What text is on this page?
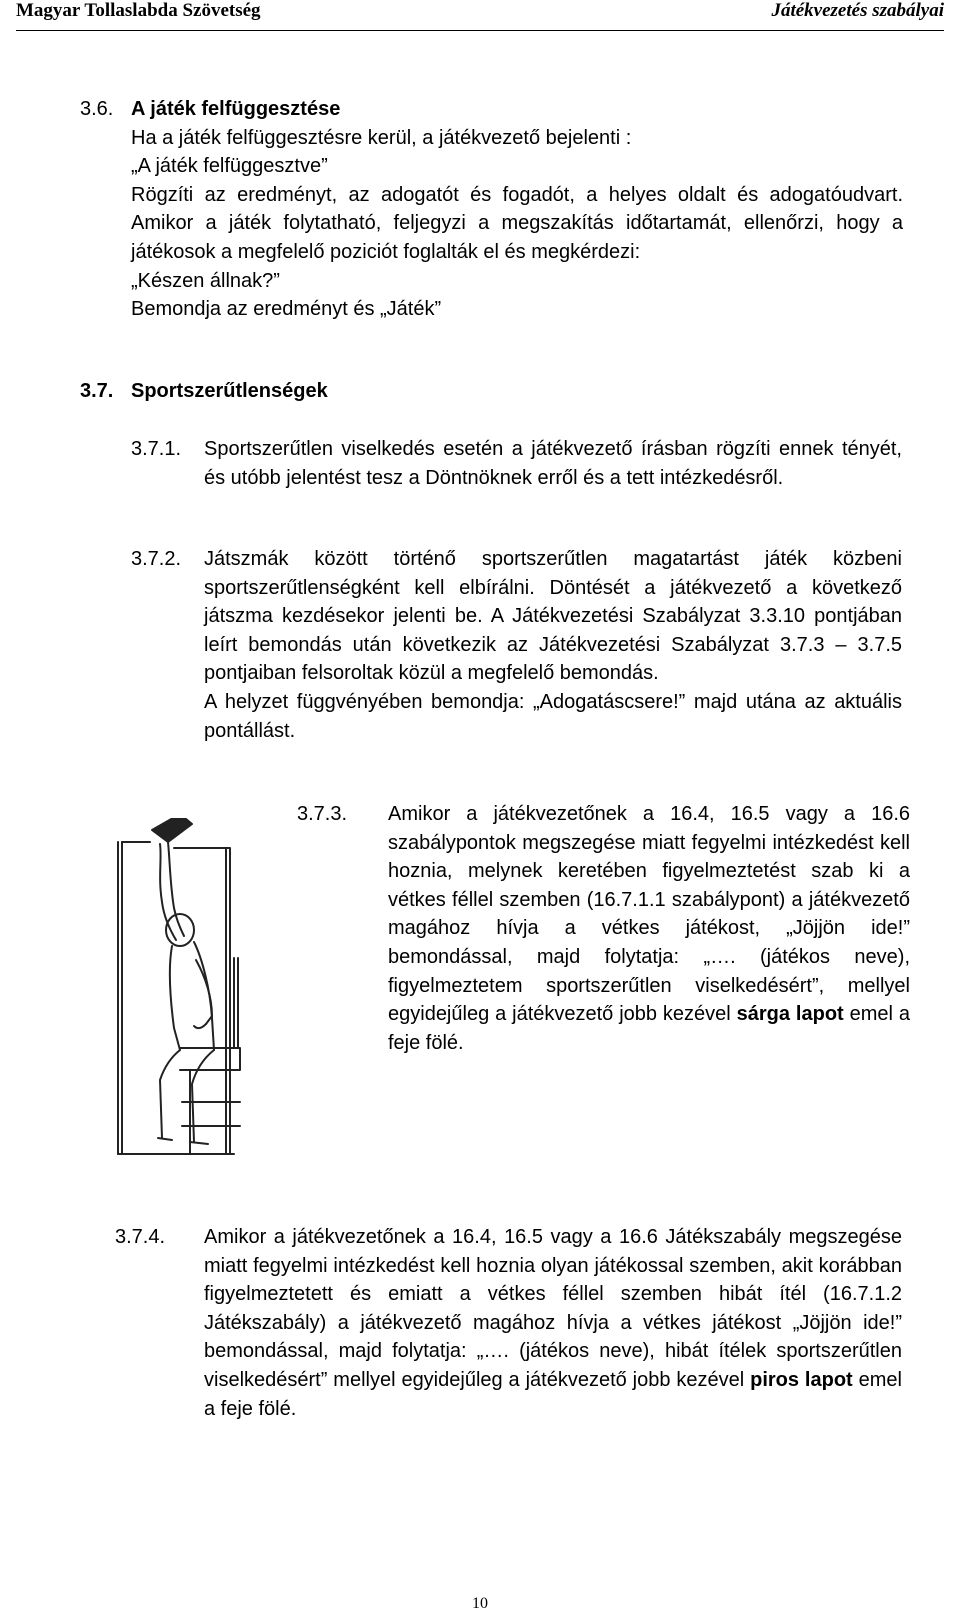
Magyar Tollaslabda Szövetség	Játékvezetés szabályai
3.6. A játék felfüggesztése
Ha a játék felfüggesztésre kerül, a játékvezető bejelenti :
„A játék felfüggesztve”
Rögzíti az eredményt, az adogatót és fogadót, a helyes oldalt és adogatóudvart. Amikor a játék folytatható, feljegyzi a megszakítás időtartamát, ellenőrzi, hogy a játékosok a megfelelő poziciót foglalták el és megkérdezi:
„Készen állnak?”
Bemondja az eredményt és „Játék”
3.7. Sportszerűtlenségek
3.7.1. Sportszerűtlen viselkedés esetén a játékvezető írásban rögzíti ennek tényét, és utóbb jelentést tesz a Döntnöknek erről és a tett intézkedésről.
3.7.2. Játszmák között történő sportszerűtlen magatartást játék közbeni sportszerűtlenségként kell elbírálni. Döntését a játékvezető a következő játszma kezdésekor jelenti be. A Játékvezetési Szabályzat 3.3.10 pontjában leírt bemondás után következik az Játékvezetési Szabályzat 3.7.3 – 3.7.5 pontjaiban felsoroltak közül a megfelelő bemondás.
A helyzet függvényében bemondja: „Adogatáscsere!” majd utána az aktuális pontállást.
3.7.3. Amikor a játékvezetőnek a 16.4, 16.5 vagy a 16.6 szabálypontok megszegése miatt fegyelmi intézkedést kell hoznia, melynek keretében figyelmeztetést szab ki a vétkes féllel szemben (16.7.1.1 szabálypont) a játékvezető magához hívja a vétkes játékost, „Jöjjön ide!” bemondással, majd folytatja: „…. (játékos neve), figyelmeztetem sportszerűtlen viselkedésért”, mellyel egyidejűleg a játékvezető jobb kezével sárga lapot emel a feje fölé.
3.7.4. Amikor a játékvezetőnek a 16.4, 16.5 vagy a 16.6 Játékszabály megszegése miatt fegyelmi intézkedést kell hoznia olyan játékossal szemben, akit korábban figyelmeztetett és emiatt a vétkes féllel szemben hibát ítél (16.7.1.2 Játékszabály) a játékvezető magához hívja a vétkes játékost „Jöjjön ide!” bemondással, majd folytatja: „…. (játékos neve), hibát ítélek sportszerűtlen viselkedésért” mellyel egyidejűleg a játékvezető jobb kezével piros lapot emel a feje fölé.
10
